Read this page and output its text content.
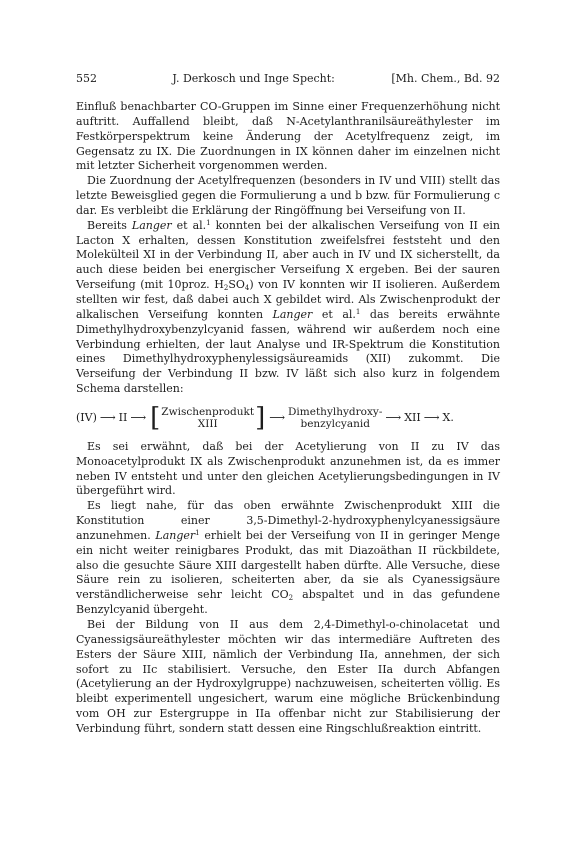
552	J. Derkosch und Inge Specht:	[Mh. Chem., Bd. 92

Einfluß benachbarter CO-Gruppen im Sinne einer Frequenzerhöhung nicht auftritt. Auffallend bleibt, daß N-Acetylanthranilsäureäthylester im Festkörperspektrum keine Änderung der Acetylfrequenz zeigt, im Gegensatz zu IX. Die Zuordnungen in IX können daher im einzelnen nicht mit letzter Sicherheit vorgenommen werden.

Die Zuordnung der Acetylfrequenzen (besonders in IV und VIII) stellt das letzte Beweisglied gegen die Formulierung a und b bzw. für Formulierung c dar. Es verbleibt die Erklärung der Ringöffnung bei Verseifung von II.

Bereits Langer et al.$^1$ konnten bei der alkalischen Verseifung von II ein Lacton X erhalten, dessen Konstitution zweifelsfrei feststeht und den Molekülteil XI in der Verbindung II, aber auch in IV und IX sicherstellt, da auch diese beiden bei energischer Verseifung X ergeben. Bei der sauren Verseifung (mit 10proz. $H_2SO_4$) von IV konnten wir II isolieren. Außerdem stellten wir fest, daß dabei auch X gebildet wird. Als Zwischenprodukt der alkalischen Verseifung konnten Langer et al.$^1$ das bereits erwähnte Dimethylhydroxybenzylcyanid fassen, während wir außerdem noch eine Verbindung erhielten, der laut Analyse und IR-Spektrum die Konstitution eines Dimethylhydroxyphenylessigsäureamids (XII) zukommt. Die Verseifung der Verbindung II bzw. IV läßt sich also kurz in folgendem Schema darstellen:

(IV) ⟶ II ⟶ [ Zwischenprodukt
XIII ] ⟶ Dimethylhydroxy-
benzylcyanid ⟶ XII ⟶ X.

Es sei erwähnt, daß bei der Acetylierung von II zu IV das Monoacetylprodukt IX als Zwischenprodukt anzunehmen ist, da es immer neben IV entsteht und unter den gleichen Acetylierungsbedingungen in IV übergeführt wird.

Es liegt nahe, für das oben erwähnte Zwischenprodukt XIII die Konstitution einer 3,5-Dimethyl-2-hydroxyphenylcyanessigsäure anzunehmen. Langer$^1$ erhielt bei der Verseifung von II in geringer Menge ein nicht weiter reinigbares Produkt, das mit Diazoäthan II rückbildete, also die gesuchte Säure XIII dargestellt haben dürfte. Alle Versuche, diese Säure rein zu isolieren, scheiterten aber, da sie als Cyanessigsäure verständlicherweise sehr leicht $CO_2$ abspaltet und in das gefundene Benzylcyanid übergeht.

Bei der Bildung von II aus dem 2,4-Dimethyl-o-chinolacetat und Cyanessigsäureäthylester möchten wir das intermediäre Auftreten des Esters der Säure XIII, nämlich der Verbindung IIa, annehmen, der sich sofort zu IIc stabilisiert. Versuche, den Ester IIa durch Abfangen (Acetylierung an der Hydroxylgruppe) nachzuweisen, scheiterten völlig. Es bleibt experimentell ungesichert, warum eine mögliche Brückenbindung vom OH zur Estergruppe in IIa offenbar nicht zur Stabilisierung der Verbindung führt, sondern statt dessen eine Ringschlußreaktion eintritt.
